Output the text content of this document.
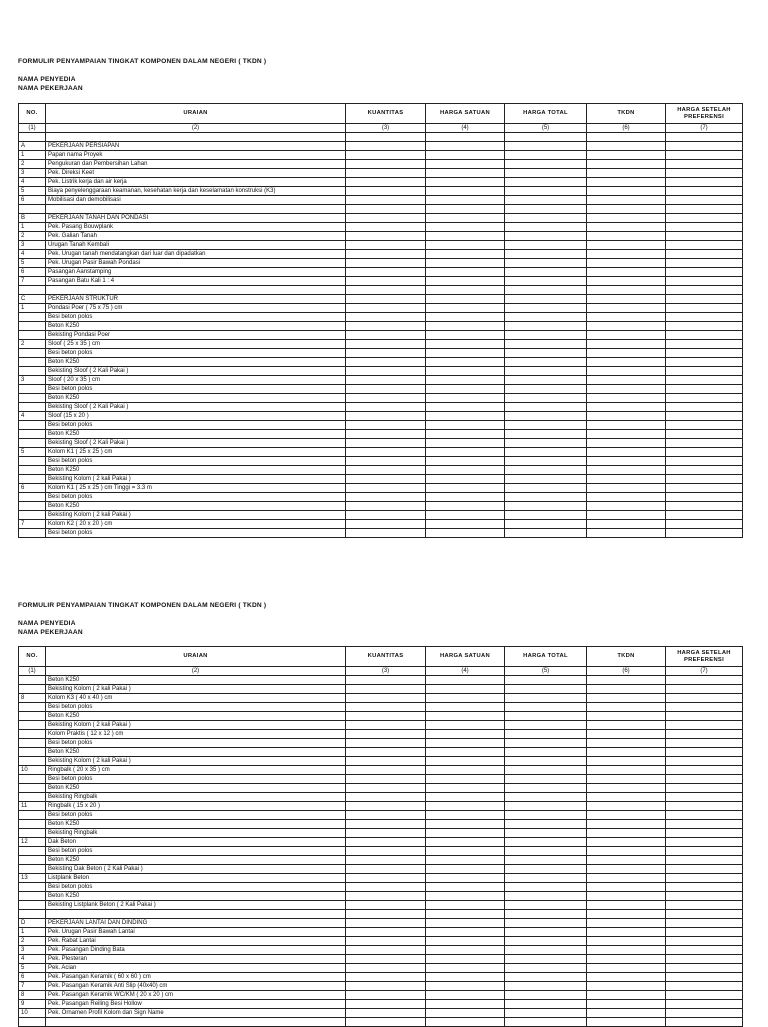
FORMULIR PENYAMPAIAN TINGKAT KOMPONEN DALAM NEGERI ( TKDN )
NAMA PENYEDIA
NAMA PEKERJAAN
NO.	URAIAN	KUANTITAS	HARGA SATUAN	HARGA TOTAL	TKDN	HARGA SETELAH PREFERENSI
(1)	(2)	(3)	(4)	(5)	(6)	(7)

A	PEKERJAAN PERSIAPAN					
1	Papan nama Proyek					
2	Pengukuran dan Pembersihan Lahan					
3	Pek. Direksi Keet					
4	Pek. Listrik kerja dan air kerja					
5	Biaya penyelenggaraan keamanan, kesehatan kerja dan keselamatan konstruksi (K3)					
6	Mobilisasi dan demobilisasi					

B	PEKERJAAN TANAH DAN PONDASI					
1	Pek. Pasang Bouwplank					
2	Pek. Galian Tanah					
3	Urugan Tanah Kembali					
4	Pek. Urugan tanah mendatangkan dari luar dan dipadatkan					
5	Pek. Urugan Pasir Bawah Pondasi					
6	Pasangan Aanstamping					
7	Pasangan Batu Kali 1 : 4					

C	PEKERJAAN STRUKTUR					
1	Pondasi Poer ( 75 x 75 ) cm					
	Besi beton polos					
	Beton K250					
	Bekisting Pondasi Poer					
2	Sloof ( 25 x 35 ) cm					
	Besi beton polos					
	Beton K250					
	Bekisting Sloof ( 2 Kali Pakai )					
3	Sloof ( 20 x 35 ) cm					
	Besi beton polos					
	Beton K250					
	Bekisting Sloof ( 2 Kali Pakai )					
4	Sloof (15 x 20 )					
	Besi beton polos					
	Beton K250					
	Bekisting Sloof ( 2 Kali Pakai )					
5	Kolom K1 ( 25 x 25 ) cm					
	Besi beton polos					
	Beton K250					
	Bekisting Kolom ( 2 kali Pakai )					
6	Kolom K1 ( 25 x 25 ) cm Tinggi = 3.3 m					
	Besi beton polos					
	Beton K250					
	Bekisting Kolom ( 2 kali Pakai )					
7	Kolom K2 ( 20 x 20 ) cm					
	Besi beton polos					
FORMULIR PENYAMPAIAN TINGKAT KOMPONEN DALAM NEGERI ( TKDN )
NAMA PENYEDIA
NAMA PEKERJAAN
NO.	URAIAN	KUANTITAS	HARGA SATUAN	HARGA TOTAL	TKDN	HARGA SETELAH PREFERENSI
(1)	(2)	(3)	(4)	(5)	(6)	(7)
	Beton K250					
	Bekisting Kolom ( 2 kali Pakai )					
8	Kolom K3 ( 40 x 40 ) cm					
	Besi beton polos					
	Beton K250					
	Bekisting Kolom ( 2 kali Pakai )					
	Kolom Praktis ( 12 x 12 ) cm					
	Besi beton polos					
	Beton K250					
	Bekisting Kolom ( 2 kali Pakai )					
10	Ringbalk ( 20 x 35 ) cm					
	Besi beton polos					
	Beton K250					
	Bekisting Ringbalk					
11	Ringbalk ( 15 x 20 )					
	Besi beton polos					
	Beton K250					
	Bekisting Ringbalk					
12	Dak Beton					
	Besi beton polos					
	Beton K250					
	Bekisting Dak Beton ( 2 Kali Pakai )					
13	Listplank Beton					
	Besi beton polos					
	Beton K250					
	Bekisting Listplank Beton ( 2 Kali Pakai )					

D	PEKERJAAN LANTAI DAN DINDING					
1	Pek. Urugan Pasir Bawah Lantai					
2	Pek. Rabat Lantai					
3	Pek. Pasangan Dinding Bata					
4	Pek. Plesteran					
5	Pek. Acian					
6	Pek. Pasangan Keramik ( 60 x 60 ) cm					
7	Pek. Pasangan Keramik Anti Slip (40x40) cm					
8	Pek. Pasangan Keramik WC/KM ( 20 x 20 ) cm					
9	Pek. Pasangan Reiling Besi Hollow					
10	Pek. Ornamen Profil Kolom dan Sign Name					
